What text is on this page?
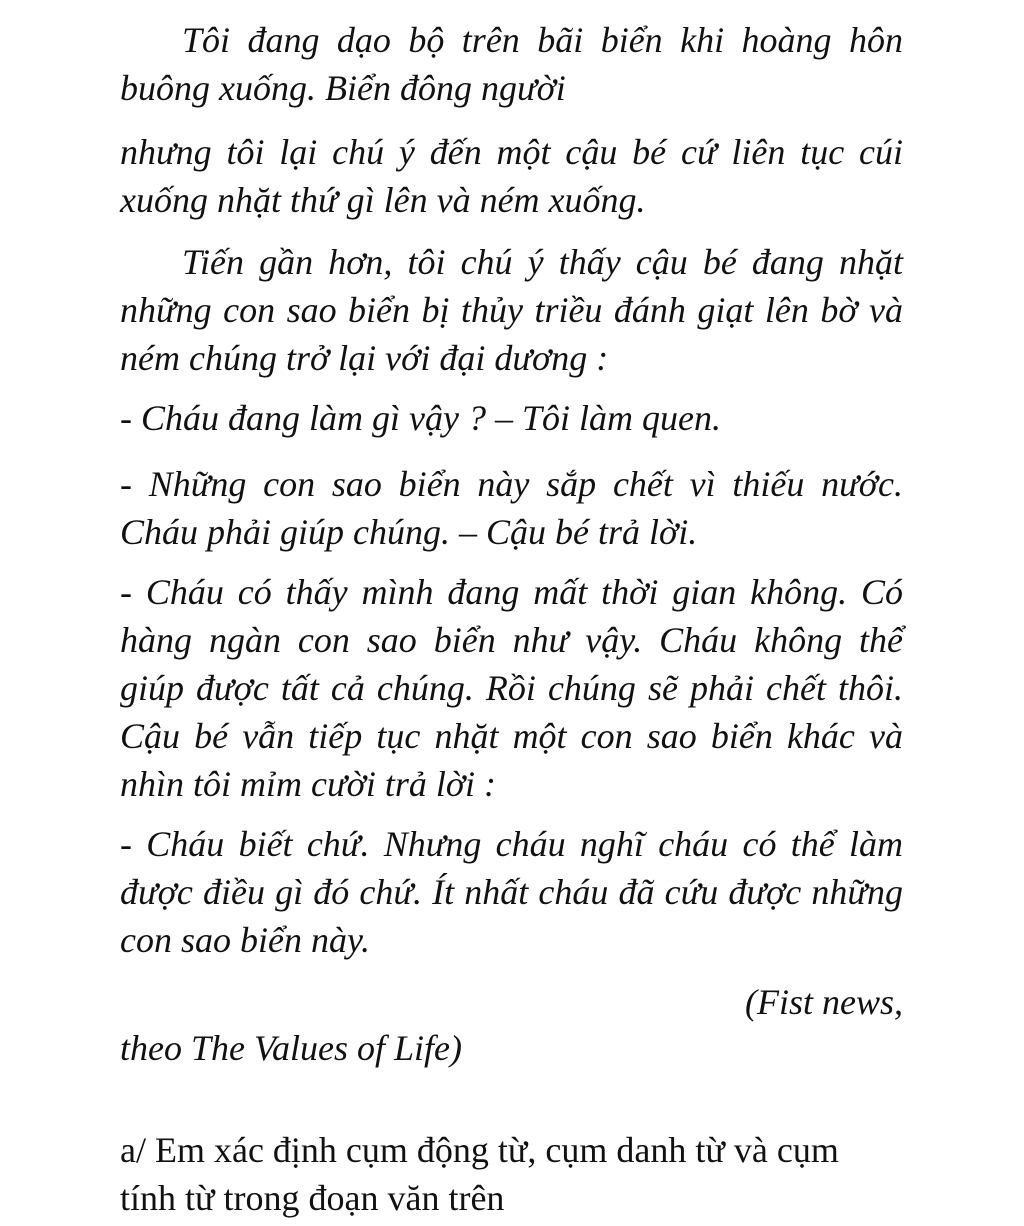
Tôi đang dạo bộ trên bãi biển khi hoàng hôn buông xuống. Biển đông người

nhưng tôi lại chú ý đến một cậu bé cứ liên tục cúi xuống nhặt thứ gì lên và ném xuống.

Tiến gần hơn, tôi chú ý thấy cậu bé đang nhặt những con sao biển bị thủy triều đánh giạt lên bờ và ném chúng trở lại với đại dương :

- Cháu đang làm gì vậy ? – Tôi làm quen.

- Những con sao biển này sắp chết vì thiếu nước. Cháu phải giúp chúng. – Cậu bé trả lời.

- Cháu có thấy mình đang mất thời gian không. Có hàng ngàn con sao biển như vậy. Cháu không thể giúp được tất cả chúng. Rồi chúng sẽ phải chết thôi. Cậu bé vẫn tiếp tục nhặt một con sao biển khác và nhìn tôi mỉm cười trả lời :

- Cháu biết chứ. Nhưng cháu nghĩ cháu có thể làm được điều gì đó chứ. Ít nhất cháu đã cứu được những con sao biển này.

(Fist news,

theo The Values of Life)

a/ Em xác định cụm động từ, cụm danh từ và cụm tính từ trong đoạn văn trên
